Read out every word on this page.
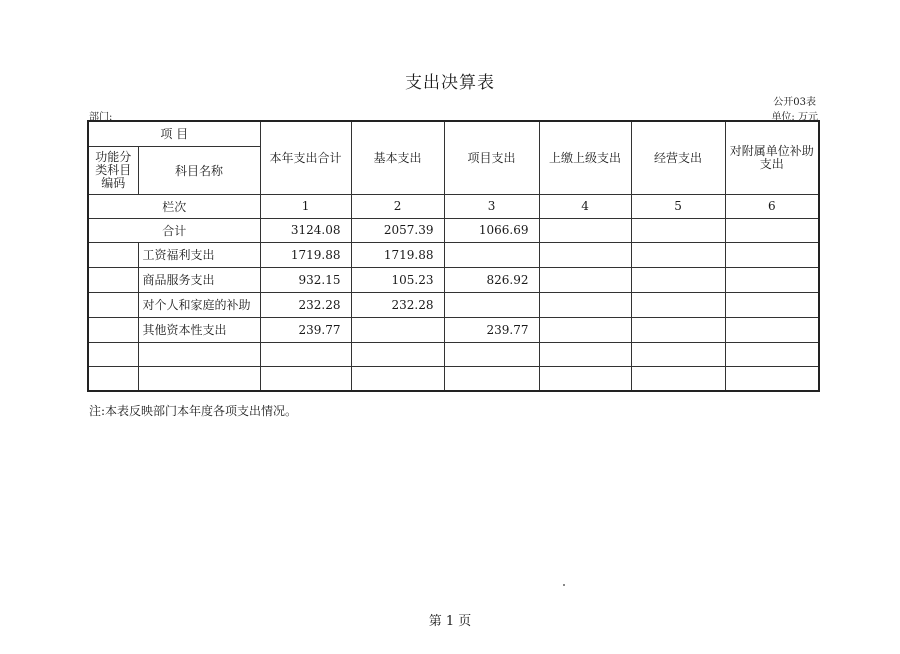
支出决算表
公开03表
部门:	单位: 万元
项 目		本年支出合计	基本支出	项目支出	上缴上级支出	经营支出	对附属单位补助支出
功能分类科目编码	科目名称						
栏次		1	2	3	4	5	6
合计		3124.08	2057.39	1066.69			
	工资福利支出	1719.88	1719.88				
	商品服务支出	932.15	105.23	826.92			
	对个人和家庭的补助	232.28	232.28				
	其他资本性支出	239.77		239.77			

注:本表反映部门本年度各项支出情况。
第 1 页
